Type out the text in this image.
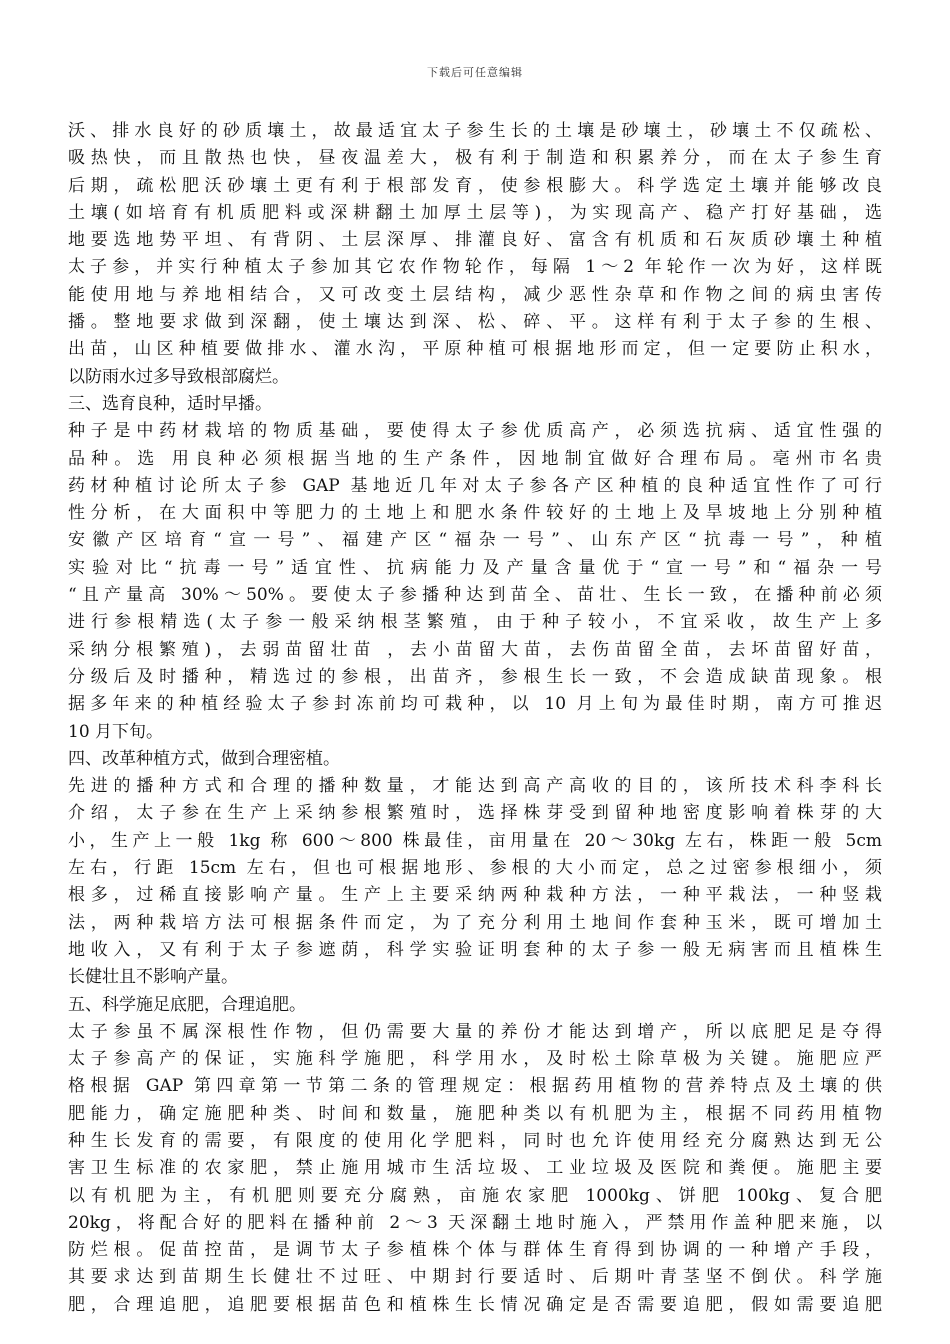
下载后可任意编辑
沃、排水良好的砂质壤土，故最适宜太子参生长的土壤是砂壤土，砂壤土不仅疏松、
吸热快，而且散热也快，昼夜温差大，极有利于制造和积累养分，而在太子参生育
后期，疏松肥沃砂壤土更有利于根部发育，使参根膨大。科学选定土壤并能够改良
土壤(如培育有机质肥料或深耕翻土加厚土层等)，为实现高产、稳产打好基础，选
地要选地势平坦、有背阴、土层深厚、排灌良好、富含有机质和石灰质砂壤土种植
太子参，并实行种植太子参加其它农作物轮作，每隔 1～2 年轮作一次为好，这样既
能使用地与养地相结合，又可改变土层结构，减少恶性杂草和作物之间的病虫害传
播。整地要求做到深翻，使土壤达到深、松、碎、平。这样有利于太子参的生根、
出苗，山区种植要做排水、灌水沟，平原种植可根据地形而定，但一定要防止积水，
以防雨水过多导致根部腐烂。
三、选育良种，适时早播。
种子是中药材栽培的物质基础，要使得太子参优质高产，必须选抗病、适宜性强的
品种。选 用良种必须根据当地的生产条件，因地制宜做好合理布局。亳州市名贵
药材种植讨论所太子参 GAP 基地近几年对太子参各产区种植的良种适宜性作了可行
性分析，在大面积中等肥力的土地上和肥水条件较好的土地上及旱坡地上分别种植
安徽产区培育“宣一号”、福建产区“福杂一号”、山东产区“抗毒一号”，种植
实验对比“抗毒一号”适宜性、抗病能力及产量含量优于“宣一号”和“福杂一号
“且产量高 30%～50%。要使太子参播种达到苗全、苗壮、生长一致，在播种前必须
进行参根精选(太子参一般采纳根茎繁殖，由于种子较小，不宜采收，故生产上多
采纳分根繁殖)，去弱苗留壮苗 ，去小苗留大苗，去伤苗留全苗，去坏苗留好苗，
分级后及时播种，精选过的参根，出苗齐，参根生长一致，不会造成缺苗现象。根
据多年来的种植经验太子参封冻前均可栽种，以 10 月上旬为最佳时期，南方可推迟
10 月下旬。
四、改革种植方式，做到合理密植。
先进的播种方式和合理的播种数量，才能达到高产高收的目的，该所技术科李科长
介绍，太子参在生产上采纳参根繁殖时，选择株芽受到留种地密度影响着株芽的大
小，生产上一般 1kg 称 600～800 株最佳，亩用量在 20～30kg 左右，株距一般 5cm
左右，行距 15cm 左右，但也可根据地形、参根的大小而定，总之过密参根细小，须
根多，过稀直接影响产量。生产上主要采纳两种栽种方法，一种平栽法，一种竖栽
法，两种栽培方法可根据条件而定，为了充分利用土地间作套种玉米，既可增加土
地收入，又有利于太子参遮荫，科学实验证明套种的太子参一般无病害而且植株生
长健壮且不影响产量。
五、科学施足底肥，合理追肥。
太子参虽不属深根性作物，但仍需要大量的养份才能达到增产，所以底肥足是夺得
太子参高产的保证，实施科学施肥，科学用水，及时松土除草极为关键。施肥应严
格根据 GAP 第四章第一节第二条的管理规定：根据药用植物的营养特点及土壤的供
肥能力，确定施肥种类、时间和数量，施肥种类以有机肥为主，根据不同药用植物
种生长发育的需要，有限度的使用化学肥料，同时也允许使用经充分腐熟达到无公
害卫生标准的农家肥，禁止施用城市生活垃圾、工业垃圾及医院和粪便。施肥主要
以有机肥为主，有机肥则要充分腐熟，亩施农家肥 1000kg、饼肥 100kg、复合肥
20kg，将配合好的肥料在播种前 2～3 天深翻土地时施入，严禁用作盖种肥来施，以
防烂根。促苗控苗，是调节太子参植株个体与群体生育得到协调的一种增产手段，
其要求达到苗期生长健壮不过旺、中期封行要适时、后期叶青茎坚不倒伏。科学施
肥，合理追肥，追肥要根据苗色和植株生长情况确定是否需要追肥，假如需要追肥
